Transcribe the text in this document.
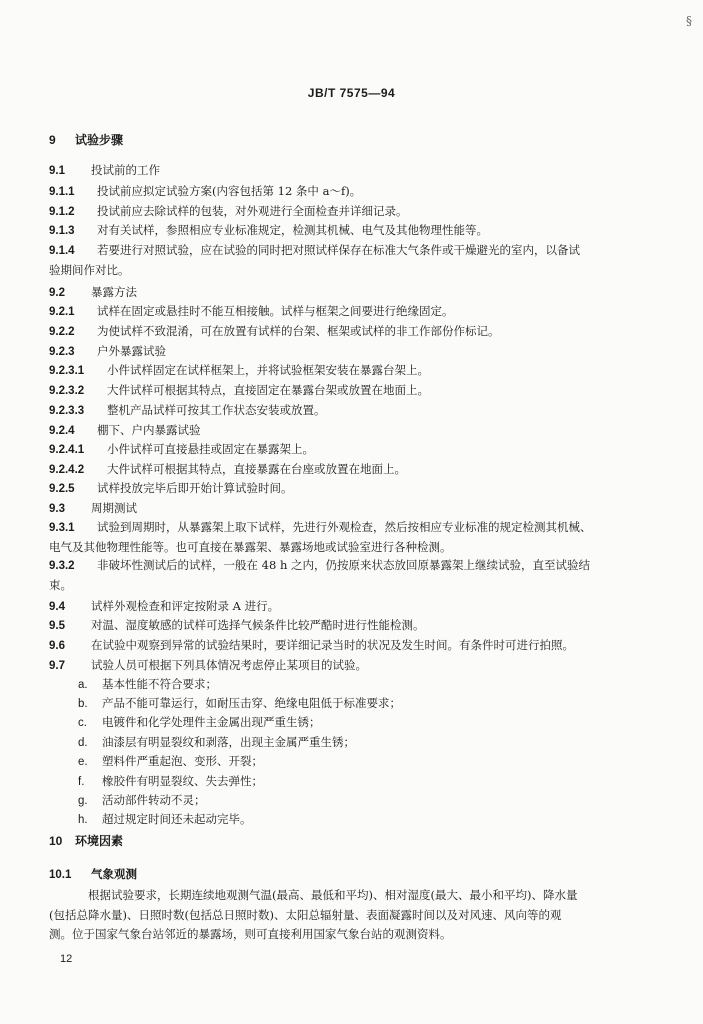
§
JB/T 7575—94
9 试验步骤
9.1 投试前的工作
9.1.1 投试前应拟定试验方案(内容包括第 12 条中 a～f)。
9.1.2 投试前应去除试样的包装，对外观进行全面检查并详细记录。
9.1.3 对有关试样，参照相应专业标准规定，检测其机械、电气及其他物理性能等。
9.1.4 若要进行对照试验，应在试验的同时把对照试样保存在标准大气条件或干燥避光的室内，以备试
验期间作对比。
9.2 暴露方法
9.2.1 试样在固定或悬挂时不能互相接触。试样与框架之间要进行绝缘固定。
9.2.2 为使试样不致混淆，可在放置有试样的台架、框架或试样的非工作部份作标记。
9.2.3 户外暴露试验
9.2.3.1 小件试样固定在试样框架上，并将试验框架安装在暴露台架上。
9.2.3.2 大件试样可根据其特点，直接固定在暴露台架或放置在地面上。
9.2.3.3 整机产品试样可按其工作状态安装或放置。
9.2.4 棚下、户内暴露试验
9.2.4.1 小件试样可直接悬挂或固定在暴露架上。
9.2.4.2 大件试样可根据其特点，直接暴露在台座或放置在地面上。
9.2.5 试样投放完毕后即开始计算试验时间。
9.3 周期测试
9.3.1 试验到周期时，从暴露架上取下试样，先进行外观检查，然后按相应专业标准的规定检测其机械、
电气及其他物理性能等。也可直接在暴露架、暴露场地或试验室进行各种检测。
9.3.2 非破坏性测试后的试样，一般在 48 h 之内，仍按原来状态放回原暴露架上继续试验，直至试验结
束。
9.4 试样外观检查和评定按附录 A 进行。
9.5 对温、湿度敏感的试样可选择气候条件比较严酷时进行性能检测。
9.6 在试验中观察到异常的试验结果时，要详细记录当时的状况及发生时间。有条件时可进行拍照。
9.7 试验人员可根据下列具体情况考虑停止某项目的试验。
a. 基本性能不符合要求；
b. 产品不能可靠运行，如耐压击穿、绝缘电阻低于标准要求；
c. 电镀件和化学处理件主金属出现严重生锈；
d. 油漆层有明显裂纹和剥落，出现主金属严重生锈；
e. 塑料件严重起泡、变形、开裂；
f. 橡胶件有明显裂纹、失去弹性；
g. 活动部件转动不灵；
h. 超过规定时间还未起动完毕。
10 环境因素
10.1 气象观测
根据试验要求，长期连续地观测气温(最高、最低和平均)、相对湿度(最大、最小和平均)、降水量
(包括总降水量)、日照时数(包括总日照时数)、太阳总辐射量、表面凝露时间以及对风速、风向等的观
测。位于国家气象台站邻近的暴露场，则可直接利用国家气象台站的观测资料。
12
